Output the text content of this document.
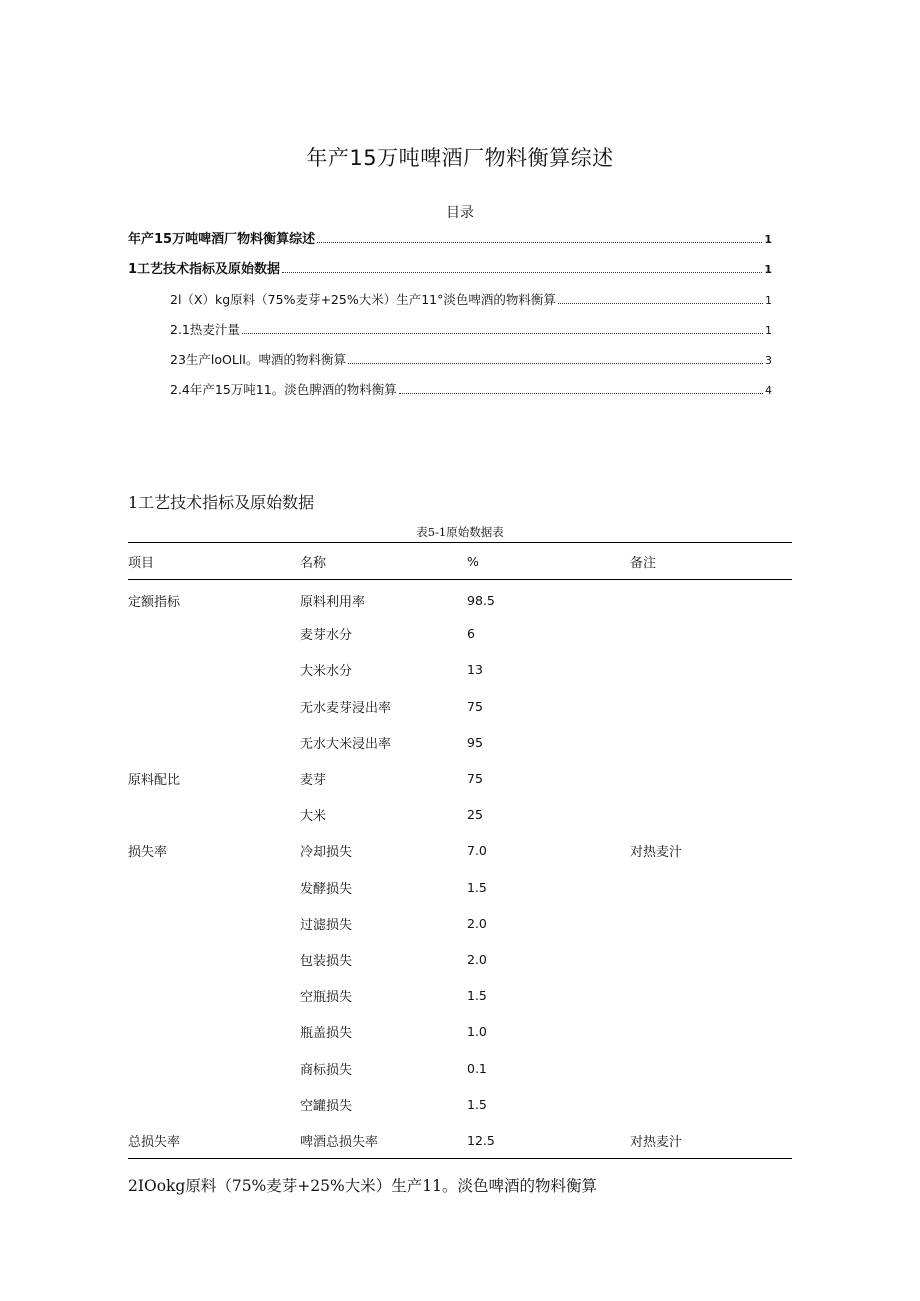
年产15万吨啤酒厂物料衡算综述
目录
年产15万吨啤酒厂物料衡算综述	1
1工艺技术指标及原始数据	1
2l（X）kg原料（75%麦芽+25%大米）生产11°淡色啤酒的物料衡算	1
2.1热麦汁量	1
23生产loOLlI。啤酒的物料衡算	3
2.4年产15万吨11。淡色脾酒的物料衡算	4
1工艺技术指标及原始数据
表5-1原始数据表
项目	名称	%	备注
定额指标	原料利用率	98.5	
	麦芽水分	6	
	大米水分	13	
	无水麦芽浸出率	75	
	无水大米浸出率	95	
原料配比	麦芽	75	
	大米	25	
损失率	冷却损失	7.0	对热麦汁
	发酵损失	1.5	
	过滤损失	2.0	
	包装损失	2.0	
	空瓶损失	1.5	
	瓶盖损失	1.0	
	商标损失	0.1	
	空罐损失	1.5	
总损失率	啤酒总损失率	12.5	对热麦汁
2IOokg原料（75%麦芽+25%大米）生产11。淡色啤酒的物料衡算
